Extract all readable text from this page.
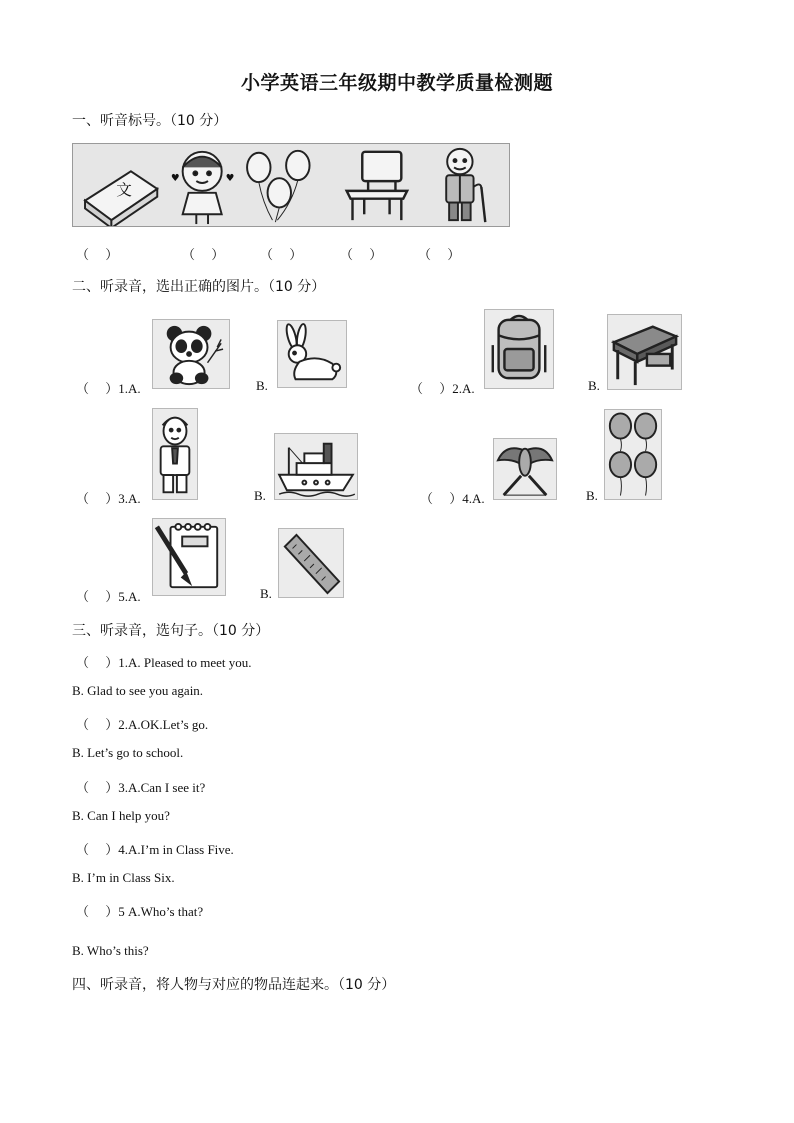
小学英语三年级期中教学质量检测题
一、听音标号。（10 分）
文
♥	♥
（　 ）	（　 ）	（　 ）	（　 ）	（　 ）
二、听录音，选出正确的图片。（10 分）
（　 ）1.A.	B.	（　 ）2.A.	B.
（　 ）3.A.	B.	（　 ）4.A.	B.
（　 ）5.A.	B.
三、听录音，选句子。（10 分）
（　 ）1.A. Pleased to meet you.
B. Glad to see you again.
（　 ）2.A.OK.Let’s go.
B. Let’s go to school.
（　 ）3.A.Can I see it?
B. Can I help you?
（　 ）4.A.I’m in Class Five.
B. I’m in Class Six.
（　 ）5 A.Who’s that?
B. Who’s this?
四、听录音，将人物与对应的物品连起来。（10 分）
